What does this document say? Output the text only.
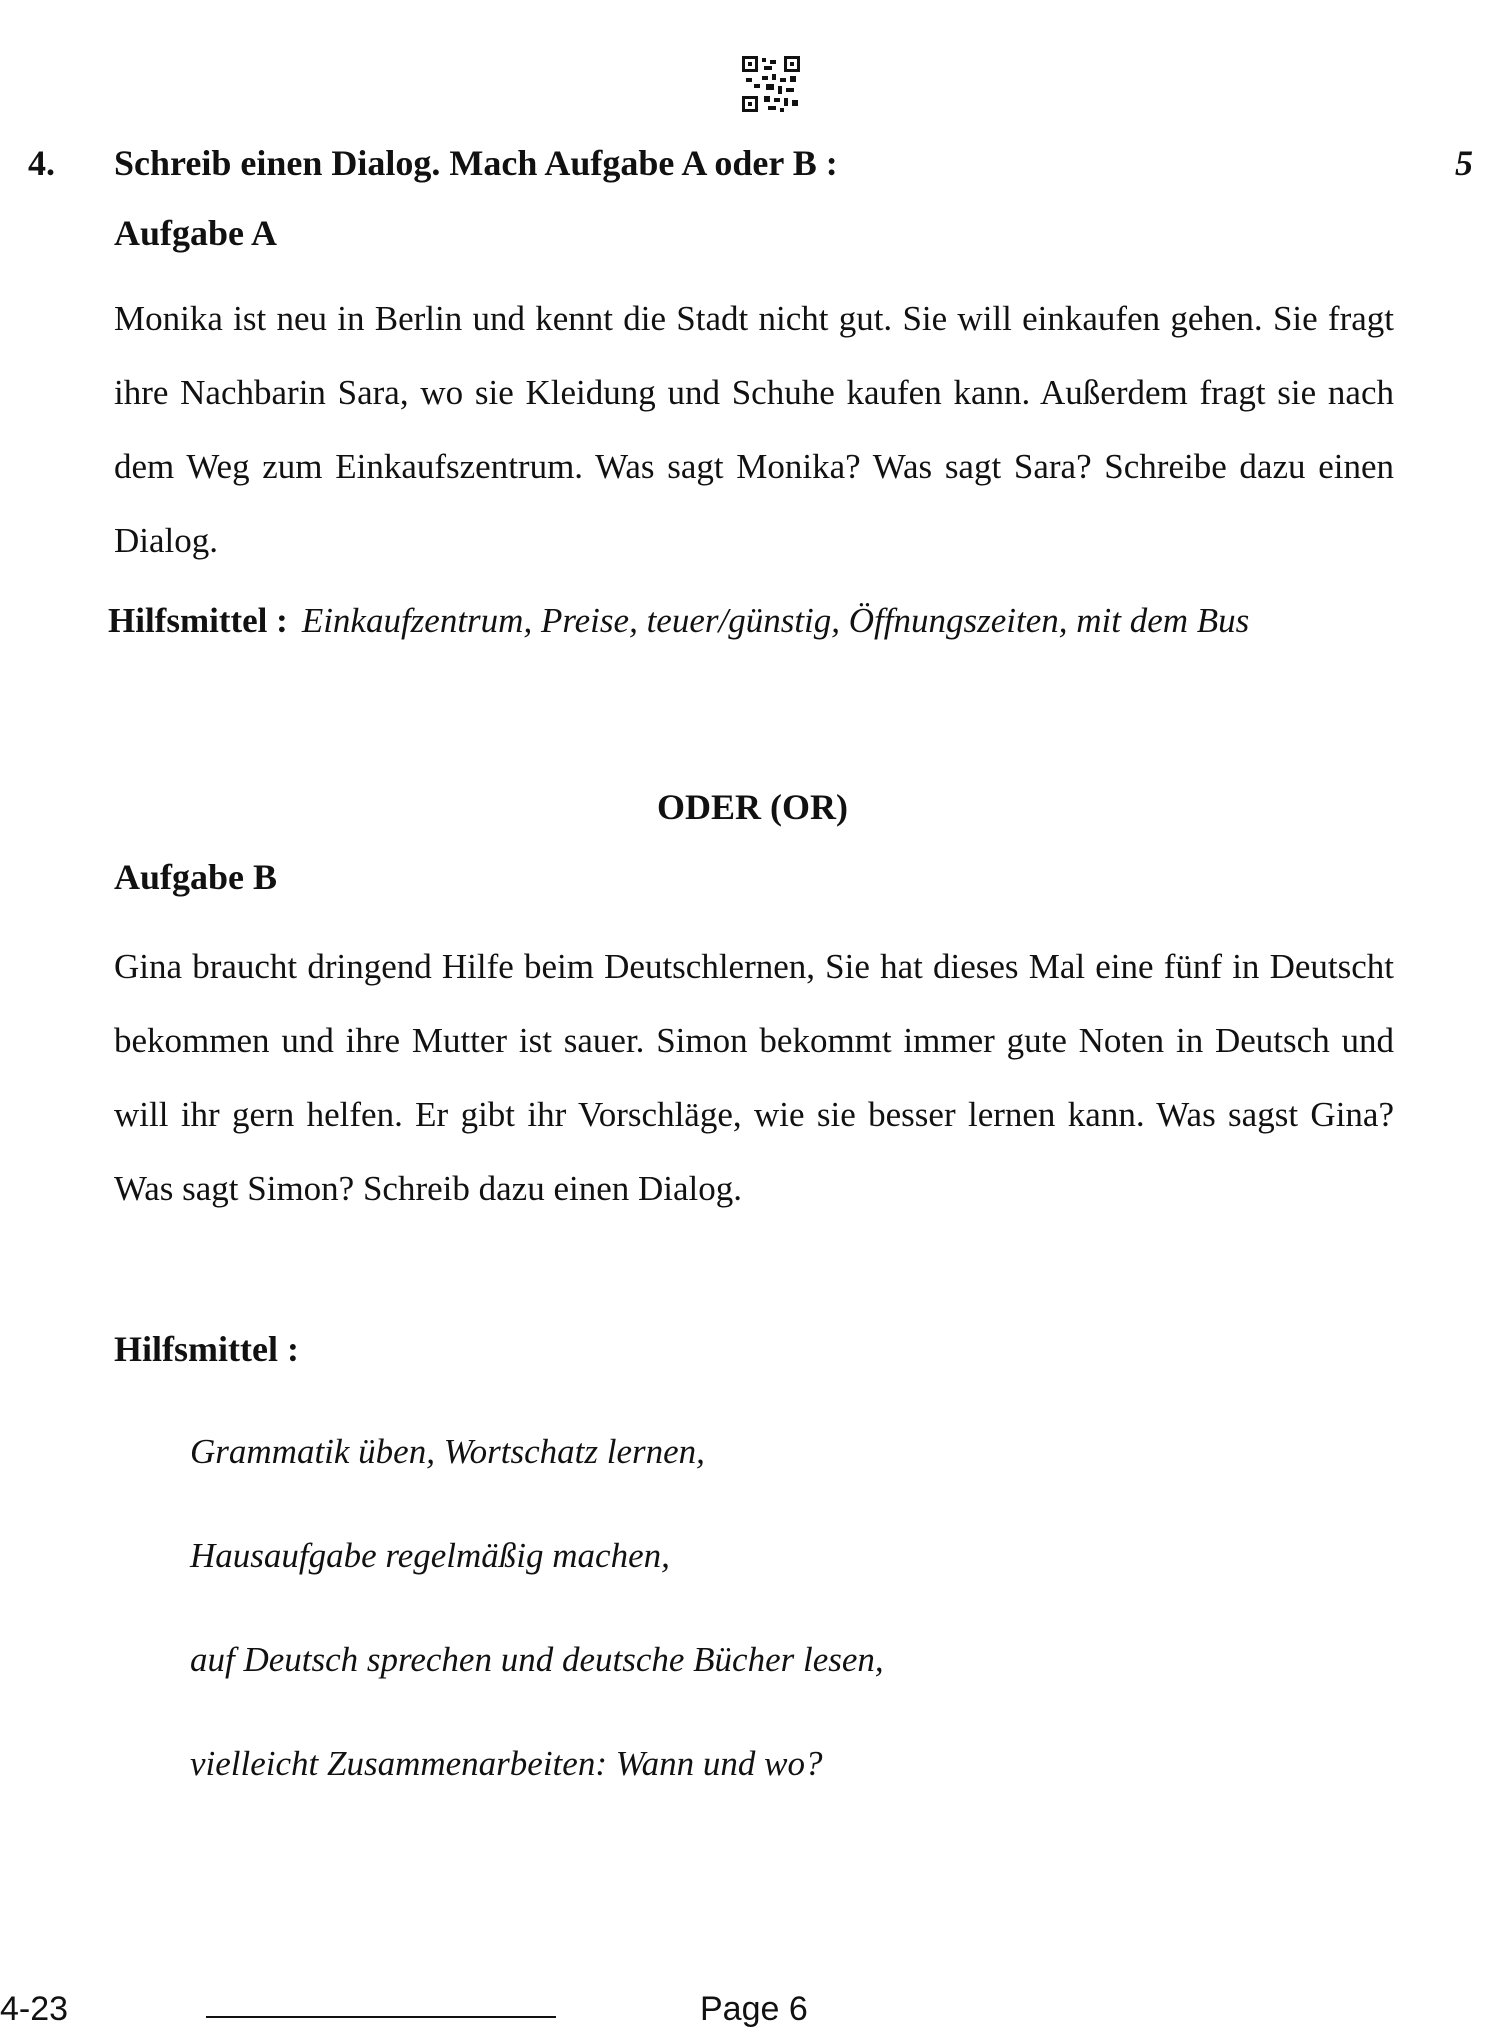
4. Schreib einen Dialog. Mach Aufgabe A oder B :	5
Aufgabe A
Monika ist neu in Berlin und kennt die Stadt nicht gut. Sie will einkaufen gehen. Sie fragt ihre Nachbarin Sara, wo sie Kleidung und Schuhe kaufen kann. Außerdem fragt sie nach dem Weg zum Einkaufszentrum. Was sagt Monika? Was sagt Sara? Schreibe dazu einen Dialog.
Hilfsmittel : Einkaufzentrum, Preise, teuer/günstig, Öffnungszeiten, mit dem Bus
ODER (OR)
Aufgabe B
Gina braucht dringend Hilfe beim Deutschlernen, Sie hat dieses Mal eine fünf in Deutscht bekommen und ihre Mutter ist sauer. Simon bekommt immer gute Noten in Deutsch und will ihr gern helfen. Er gibt ihr Vorschläge, wie sie besser lernen kann. Was sagst Gina? Was sagt Simon? Schreib dazu einen Dialog.
Hilfsmittel :
Grammatik üben, Wortschatz lernen,
Hausaufgabe regelmäßig machen,
auf Deutsch sprechen und deutsche Bücher lesen,
vielleicht Zusammenarbeiten: Wann und wo?
4-23	Page 6
